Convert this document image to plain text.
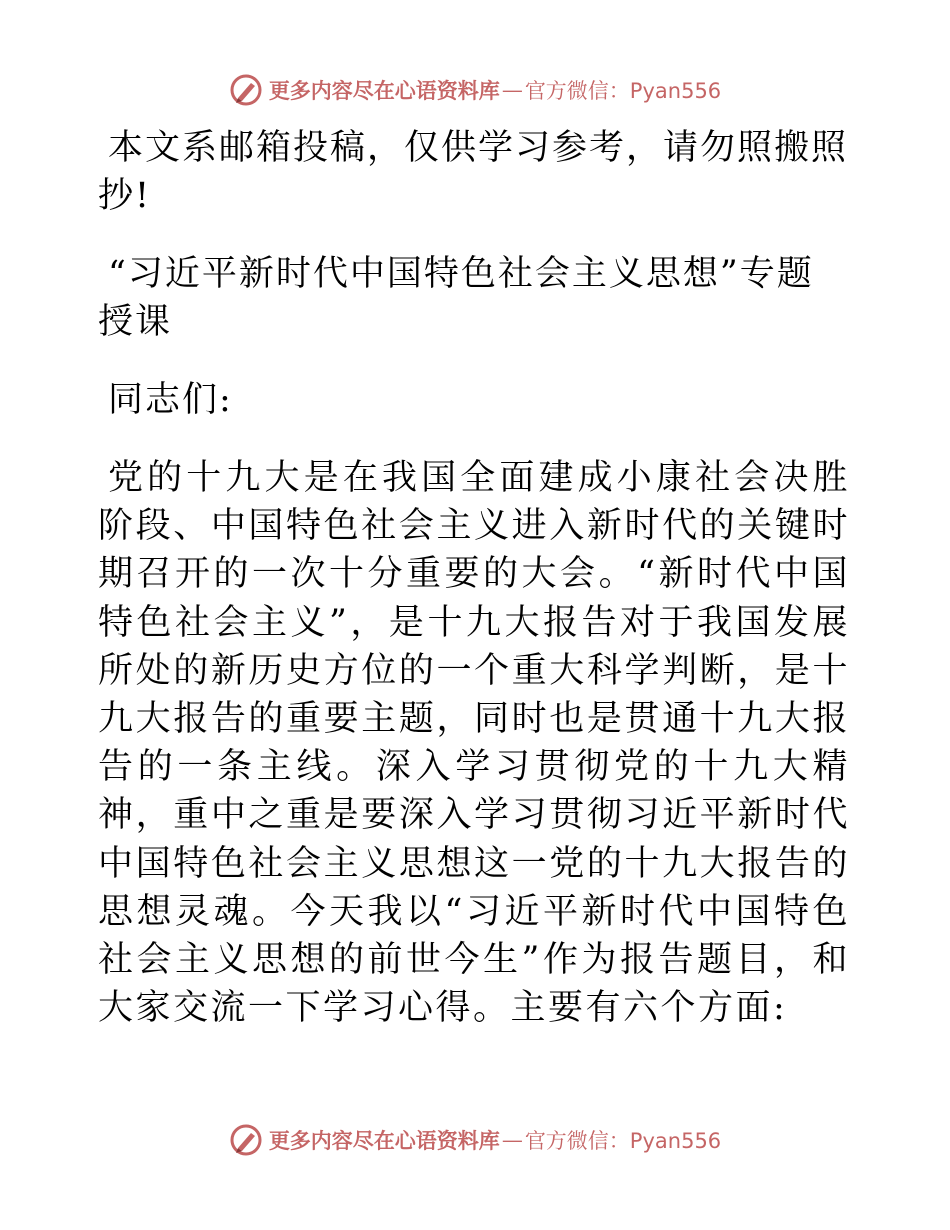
更多内容尽在心语资料库 — 官方微信：Pyan556

本文系邮箱投稿，仅供学习参考，请勿照搬照抄!

“习近平新时代中国特色社会主义思想”专题授课

同志们:

党的十九大是在我国全面建成小康社会决胜阶段、中国特色社会主义进入新时代的关键时期召开的一次十分重要的大会。“新时代中国特色社会主义”，是十九大报告对于我国发展所处的新历史方位的一个重大科学判断，是十九大报告的重要主题，同时也是贯通十九大报告的一条主线。深入学习贯彻党的十九大精神，重中之重是要深入学习贯彻习近平新时代中国特色社会主义思想这一党的十九大报告的思想灵魂。今天我以“习近平新时代中国特色社会主义思想的前世今生”作为报告题目，和大家交流一下学习心得。主要有六个方面:

更多内容尽在心语资料库 — 官方微信：Pyan556
